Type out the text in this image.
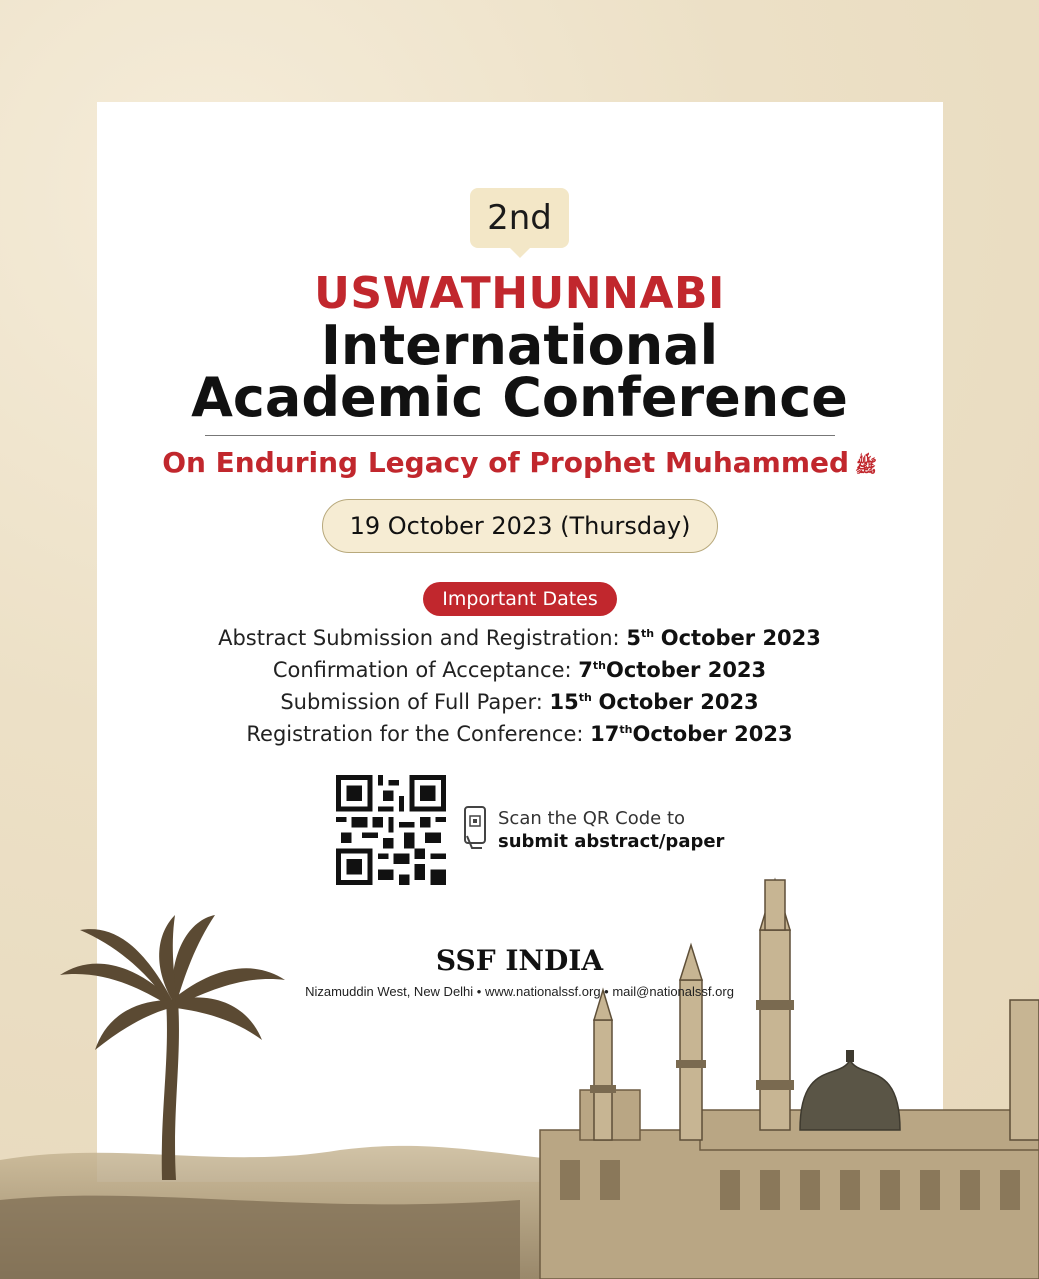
2nd
USWATHUNNABI
International
Academic Conference
On Enduring Legacy of Prophet Muhammed ﷺ
19 October 2023 (Thursday)
Important Dates
Abstract Submission and Registration: 5th October 2023
Confirmation of Acceptance: 7thOctober 2023
Submission of Full Paper: 15th October 2023
Registration for the Conference: 17thOctober 2023
Scan the QR Code to
submit abstract/paper
SSF INDIA
Nizamuddin West, New Delhi • www.nationalssf.org • mail@nationalssf.org
